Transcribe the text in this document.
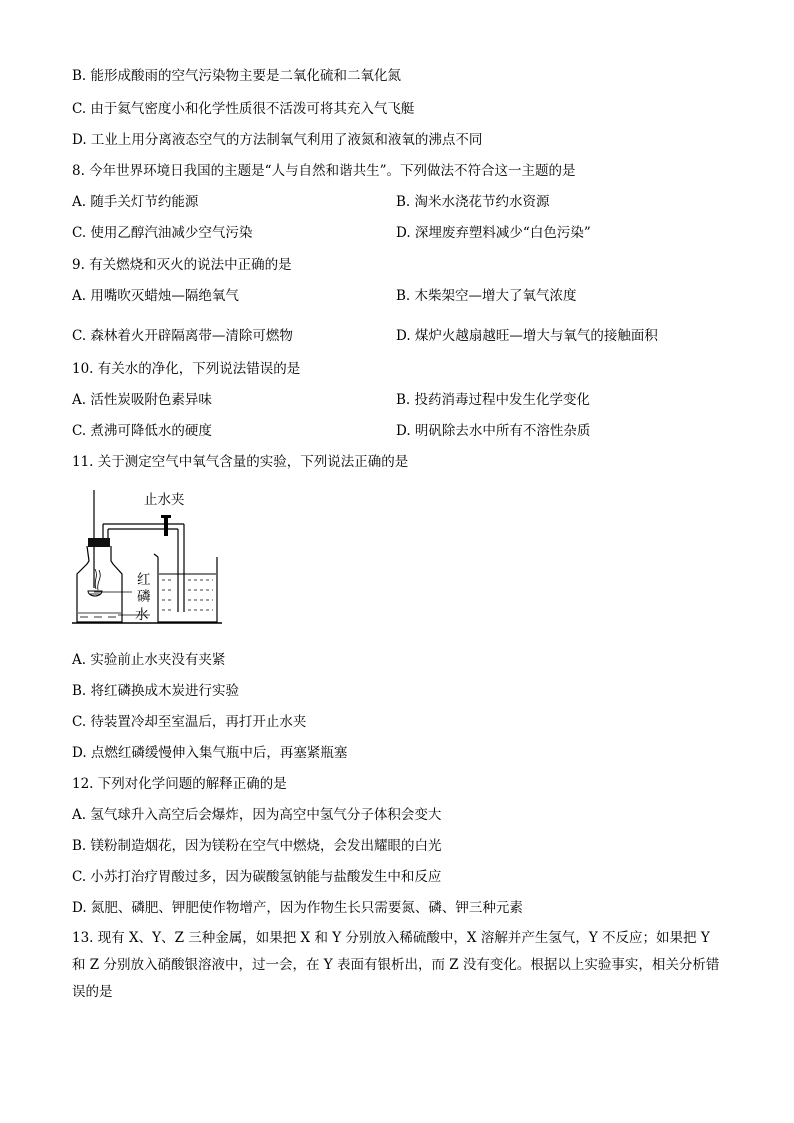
B. 能形成酸雨的空气污染物主要是二氧化硫和二氧化氮
C. 由于氦气密度小和化学性质很不活泼可将其充入气飞艇
D. 工业上用分离液态空气的方法制氧气利用了液氮和液氧的沸点不同
8. 今年世界环境日我国的主题是“人与自然和谐共生”。下列做法不符合这一主题的是
A. 随手关灯节约能源	B. 淘米水浇花节约水资源
C. 使用乙醇汽油减少空气污染	D. 深埋废弃塑料减少“白色污染”
9. 有关燃烧和灭火的说法中正确的是
A. 用嘴吹灭蜡烛—隔绝氧气	B. 木柴架空—增大了氧气浓度
C. 森林着火开辟隔离带—清除可燃物	D. 煤炉火越扇越旺—增大与氧气的接触面积
10. 有关水的净化，下列说法错误的是
A. 活性炭吸附色素异味	B. 投药消毒过程中发生化学变化
C. 煮沸可降低水的硬度	D. 明矾除去水中所有不溶性杂质
11. 关于测定空气中氧气含量的实验，下列说法正确的是
止水夹
红
磷
水
A. 实验前止水夹没有夹紧
B. 将红磷换成木炭进行实验
C. 待装置冷却至室温后，再打开止水夹
D. 点燃红磷缓慢伸入集气瓶中后，再塞紧瓶塞
12. 下列对化学问题的解释正确的是
A. 氢气球升入高空后会爆炸，因为高空中氢气分子体积会变大
B. 镁粉制造烟花，因为镁粉在空气中燃烧，会发出耀眼的白光
C. 小苏打治疗胃酸过多，因为碳酸氢钠能与盐酸发生中和反应
D. 氮肥、磷肥、钾肥使作物增产，因为作物生长只需要氮、磷、钾三种元素
13. 现有 X、Y、Z 三种金属，如果把 X 和 Y 分别放入稀硫酸中，X 溶解并产生氢气，Y 不反应；如果把 Y 和 Z 分别放入硝酸银溶液中，过一会，在 Y 表面有银析出，而 Z 没有变化。根据以上实验事实，相关分析错误的是
